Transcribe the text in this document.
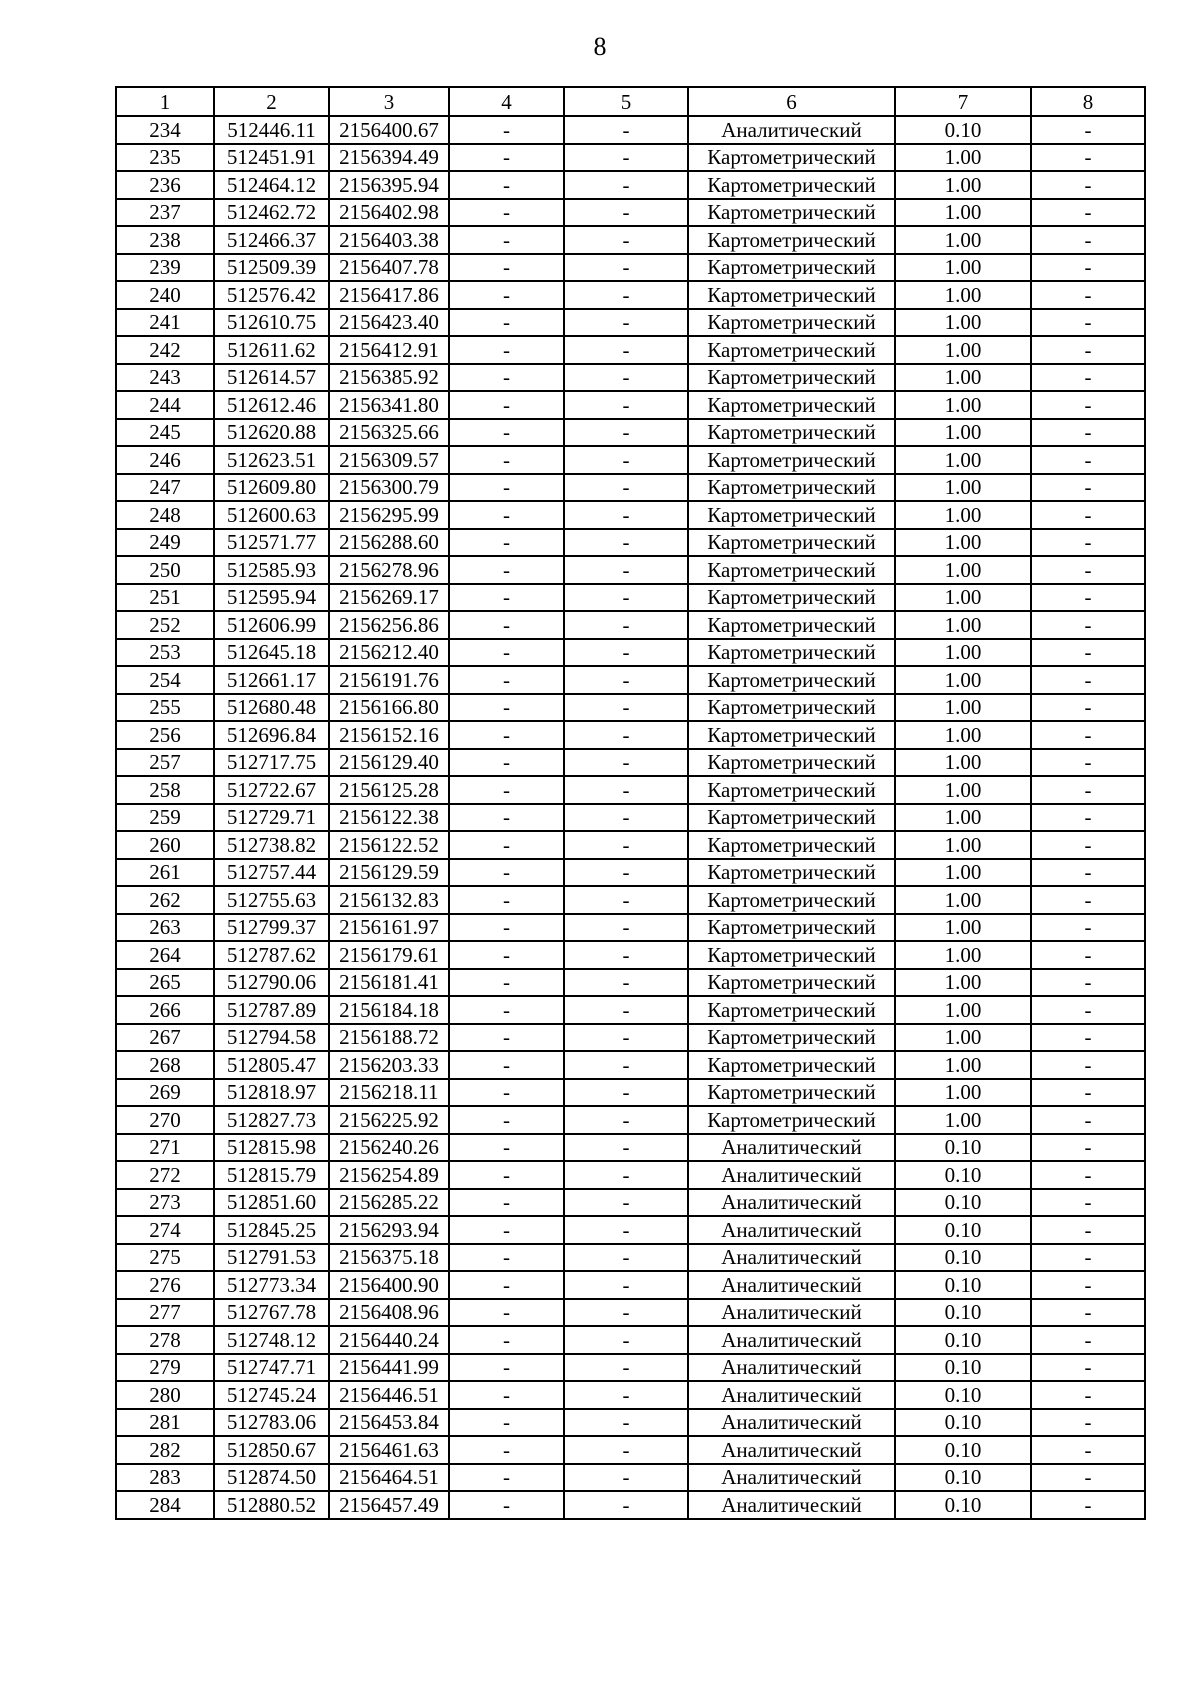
8
1	2	3	4	5	6	7	8
234	512446.11	2156400.67	-	-	Аналитический	0.10	-
235	512451.91	2156394.49	-	-	Картометрический	1.00	-
236	512464.12	2156395.94	-	-	Картометрический	1.00	-
237	512462.72	2156402.98	-	-	Картометрический	1.00	-
238	512466.37	2156403.38	-	-	Картометрический	1.00	-
239	512509.39	2156407.78	-	-	Картометрический	1.00	-
240	512576.42	2156417.86	-	-	Картометрический	1.00	-
241	512610.75	2156423.40	-	-	Картометрический	1.00	-
242	512611.62	2156412.91	-	-	Картометрический	1.00	-
243	512614.57	2156385.92	-	-	Картометрический	1.00	-
244	512612.46	2156341.80	-	-	Картометрический	1.00	-
245	512620.88	2156325.66	-	-	Картометрический	1.00	-
246	512623.51	2156309.57	-	-	Картометрический	1.00	-
247	512609.80	2156300.79	-	-	Картометрический	1.00	-
248	512600.63	2156295.99	-	-	Картометрический	1.00	-
249	512571.77	2156288.60	-	-	Картометрический	1.00	-
250	512585.93	2156278.96	-	-	Картометрический	1.00	-
251	512595.94	2156269.17	-	-	Картометрический	1.00	-
252	512606.99	2156256.86	-	-	Картометрический	1.00	-
253	512645.18	2156212.40	-	-	Картометрический	1.00	-
254	512661.17	2156191.76	-	-	Картометрический	1.00	-
255	512680.48	2156166.80	-	-	Картометрический	1.00	-
256	512696.84	2156152.16	-	-	Картометрический	1.00	-
257	512717.75	2156129.40	-	-	Картометрический	1.00	-
258	512722.67	2156125.28	-	-	Картометрический	1.00	-
259	512729.71	2156122.38	-	-	Картометрический	1.00	-
260	512738.82	2156122.52	-	-	Картометрический	1.00	-
261	512757.44	2156129.59	-	-	Картометрический	1.00	-
262	512755.63	2156132.83	-	-	Картометрический	1.00	-
263	512799.37	2156161.97	-	-	Картометрический	1.00	-
264	512787.62	2156179.61	-	-	Картометрический	1.00	-
265	512790.06	2156181.41	-	-	Картометрический	1.00	-
266	512787.89	2156184.18	-	-	Картометрический	1.00	-
267	512794.58	2156188.72	-	-	Картометрический	1.00	-
268	512805.47	2156203.33	-	-	Картометрический	1.00	-
269	512818.97	2156218.11	-	-	Картометрический	1.00	-
270	512827.73	2156225.92	-	-	Картометрический	1.00	-
271	512815.98	2156240.26	-	-	Аналитический	0.10	-
272	512815.79	2156254.89	-	-	Аналитический	0.10	-
273	512851.60	2156285.22	-	-	Аналитический	0.10	-
274	512845.25	2156293.94	-	-	Аналитический	0.10	-
275	512791.53	2156375.18	-	-	Аналитический	0.10	-
276	512773.34	2156400.90	-	-	Аналитический	0.10	-
277	512767.78	2156408.96	-	-	Аналитический	0.10	-
278	512748.12	2156440.24	-	-	Аналитический	0.10	-
279	512747.71	2156441.99	-	-	Аналитический	0.10	-
280	512745.24	2156446.51	-	-	Аналитический	0.10	-
281	512783.06	2156453.84	-	-	Аналитический	0.10	-
282	512850.67	2156461.63	-	-	Аналитический	0.10	-
283	512874.50	2156464.51	-	-	Аналитический	0.10	-
284	512880.52	2156457.49	-	-	Аналитический	0.10	-
